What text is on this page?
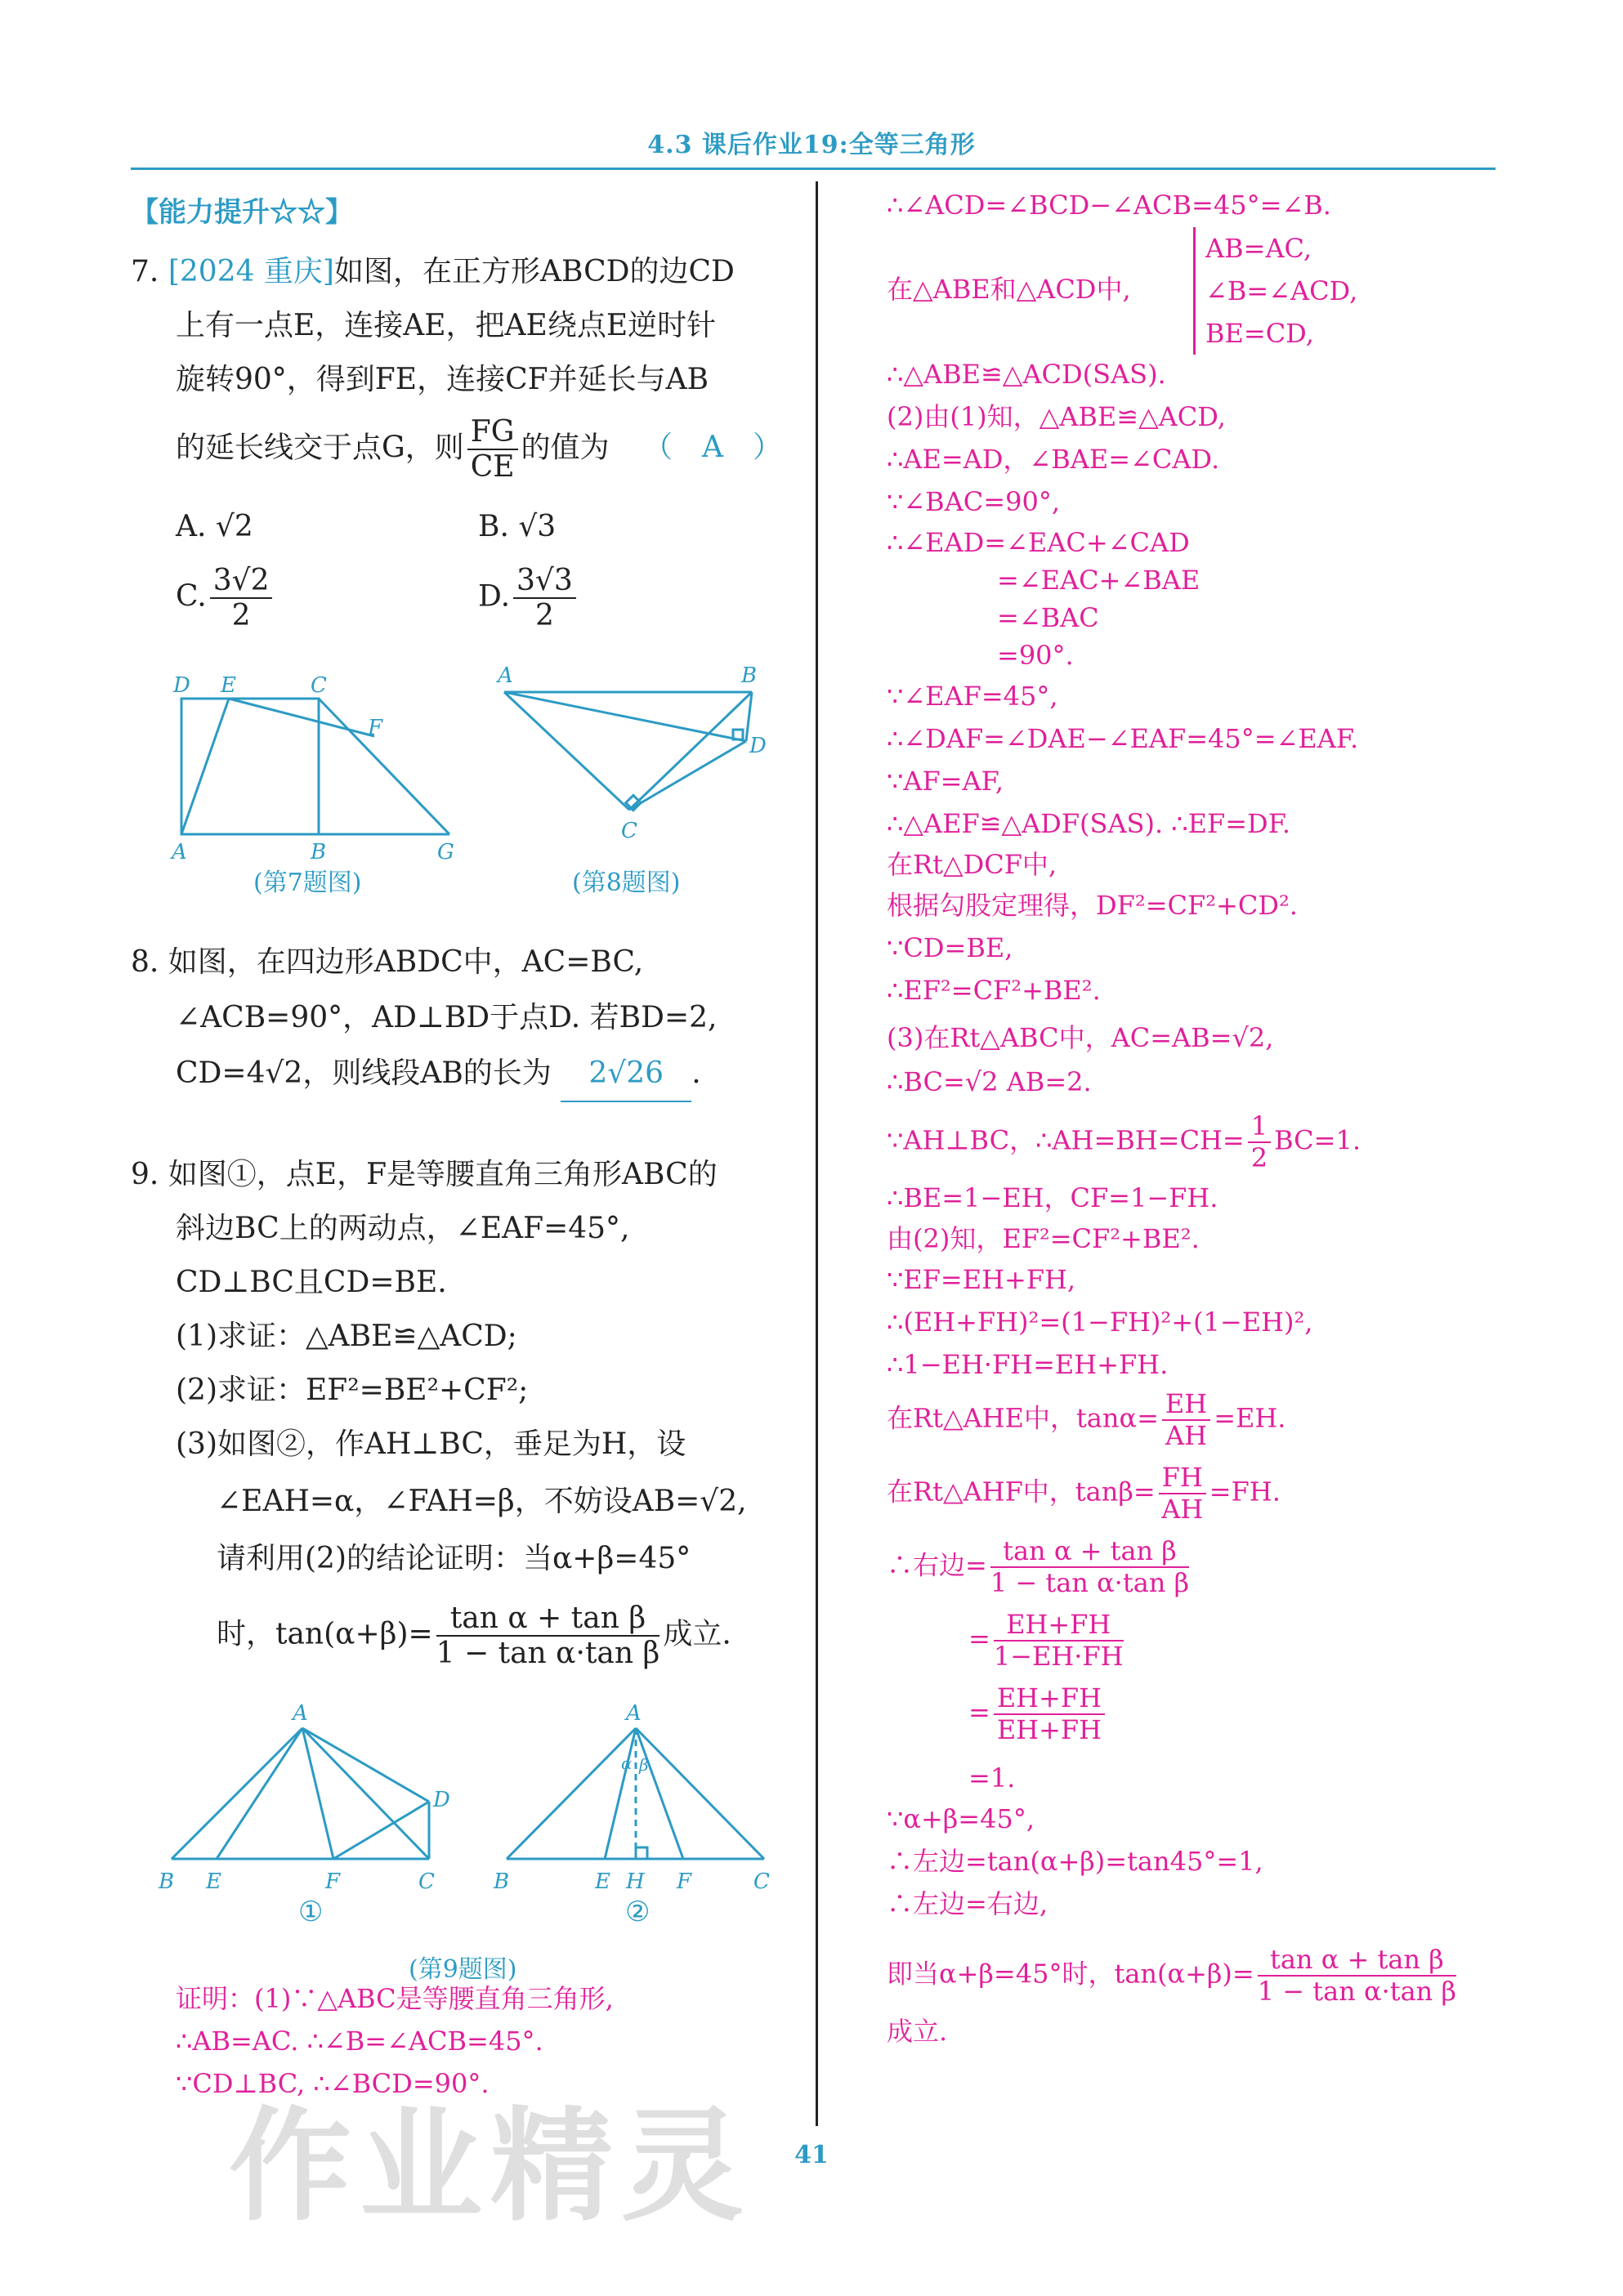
4.3 课后作业19:全等三角形
【能力提升☆☆】
7. [2024 重庆]如图，在正方形ABCD的边CD
上有一点E，连接AE，把AE绕点E逆时针
旋转90°，得到FE，连接CF并延长与AB
的延长线交于点G，则 $\frac{FG}{CE}$ 的值为 （　A　）
A. √2	B. √3
C. $\frac{3√2}{2}$	D. $\frac{3√3}{2}$
D E	C
F
A	B	G
(第7题图)
A	B
D
C
(第8题图)
8. 如图，在四边形ABDC中，AC=BC,
∠ACB=90°，AD⊥BD于点D. 若BD=2,
CD=4√2，则线段AB的长为 2√26 .
9. 如图①，点E，F是等腰直角三角形ABC的
斜边BC上的两动点，∠EAF=45°,
CD⊥BC且CD=BE.
(1)求证：△ABE≌△ACD;
(2)求证：EF²=BE²+CF²;
(3)如图②，作AH⊥BC，垂足为H，设
∠EAH=α，∠FAH=β，不妨设AB=√2,
请利用(2)的结论证明：当α+β=45°
时，$\tan(\alpha+\beta)= \frac{\text{tan α + tan β}}{\text{1 − tan α·tan β}}$ 成立.
A
D
B E	F	C
①
A
α β
B	E H F	C
②
(第9题图)
证明：(1)∵△ABC是等腰直角三角形,
∴AB=AC. ∴∠B=∠ACB=45°.
∵CD⊥BC, ∴∠BCD=90°.
∴∠ACD=∠BCD−∠ACB=45°=∠B.
在△ABE和△ACD中,
AB=AC,
∠B=∠ACD,
BE=CD,
∴△ABE≌△ACD(SAS).
(2)由(1)知，△ABE≌△ACD,
∴AE=AD，∠BAE=∠CAD.
∵∠BAC=90°,
∴∠EAD=∠EAC+∠CAD
=∠EAC+∠BAE
=∠BAC
=90°.
∵∠EAF=45°,
∴∠DAF=∠DAE−∠EAF=45°=∠EAF.
∵AF=AF,
∴△AEF≌△ADF(SAS). ∴EF=DF.
在Rt△DCF中,
根据勾股定理得，DF²=CF²+CD².
∵CD=BE,
∴EF²=CF²+BE².
(3)在Rt△ABC中，AC=AB=√2,
∴BC=√2 AB=2.
∵AH⊥BC，∴AH=BH=CH= $\frac{1}{2} BC=1$.
∴BE=1−EH，CF=1−FH.
由(2)知，EF²=CF²+BE².
∵EF=EH+FH,
∴(EH+FH)²=(1−FH)²+(1−EH)²,
∴1−EH·FH=EH+FH.
在Rt△AHE中，$\tan\alpha= \frac{EH}{AH} =EH$.
在Rt△AHF中，$\tan\beta= \frac{FH}{AH} =FH$.
∴右边= $\frac{\text{tan α + tan β}}{\text{1 − tan α·tan β}}$
= $\frac{EH+FH}{1-EH\cdot FH}$
= $\frac{EH+FH}{EH+FH}$
=1.
∵α+β=45°,
∴左边=tan(α+β)=tan45°=1,
∴左边=右边,
即当α+β=45°时，$\tan(\alpha+\beta)= \frac{\text{tan α + tan β}}{\text{1 − tan α·tan β}}$
成立.
41
作业精灵
